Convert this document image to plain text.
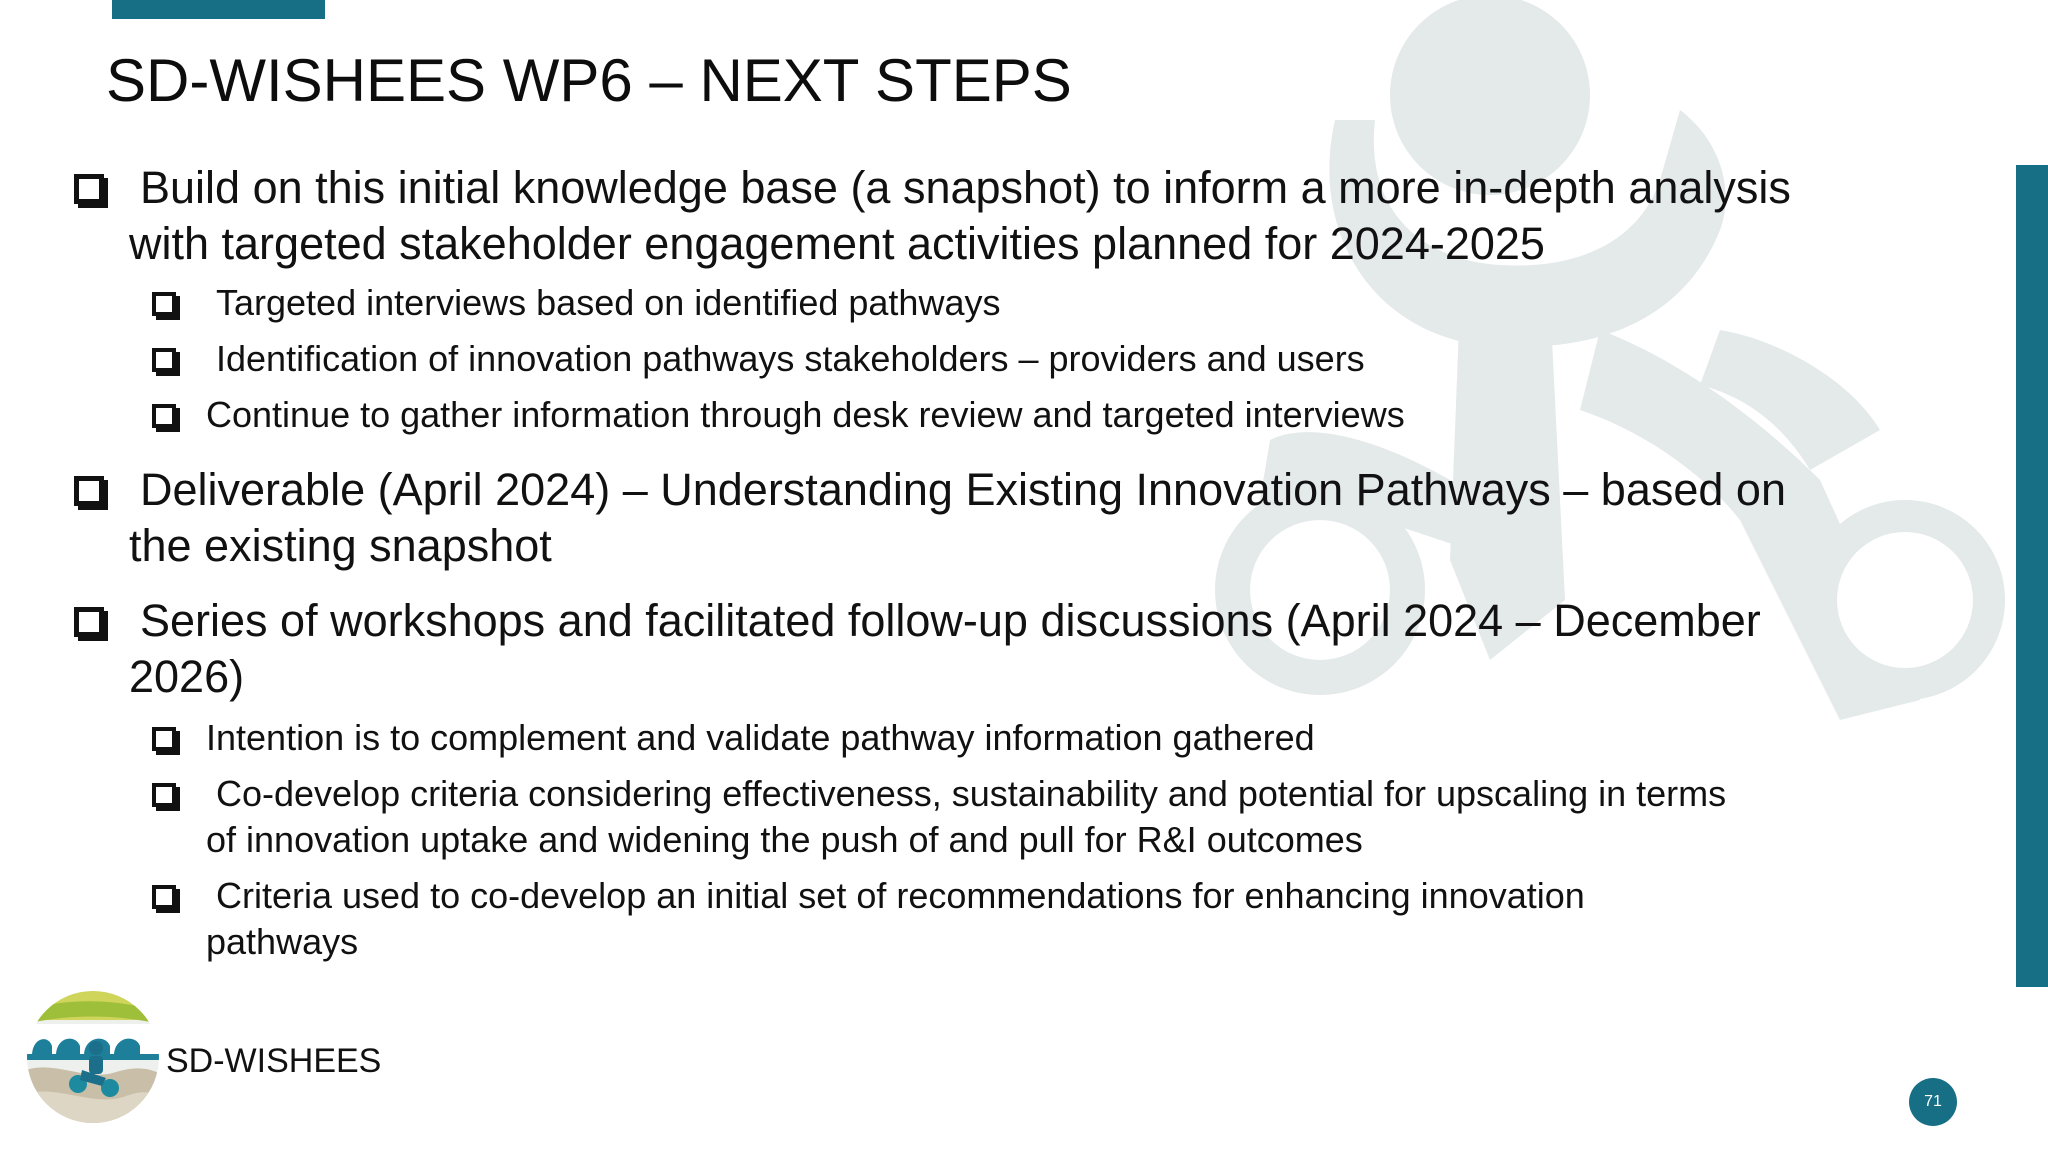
SD-WISHEES WP6 – NEXT STEPS
Build on this initial knowledge base (a snapshot) to inform a more in-depth analysis
with targeted stakeholder engagement activities planned for 2024-2025
Targeted interviews based on identified pathways
Identification of innovation pathways stakeholders – providers and users
Continue to gather information through desk review and targeted interviews
Deliverable (April 2024) – Understanding Existing Innovation Pathways – based on
the existing snapshot
Series of workshops and facilitated follow-up discussions (April 2024 – December
2026)
Intention is to complement and validate pathway information gathered
Co-develop criteria considering effectiveness, sustainability and potential for upscaling in terms
of innovation uptake and widening the push of and pull for R&I outcomes
Criteria used to co-develop an initial set of recommendations for enhancing innovation
pathways
SD-WISHEES
71
